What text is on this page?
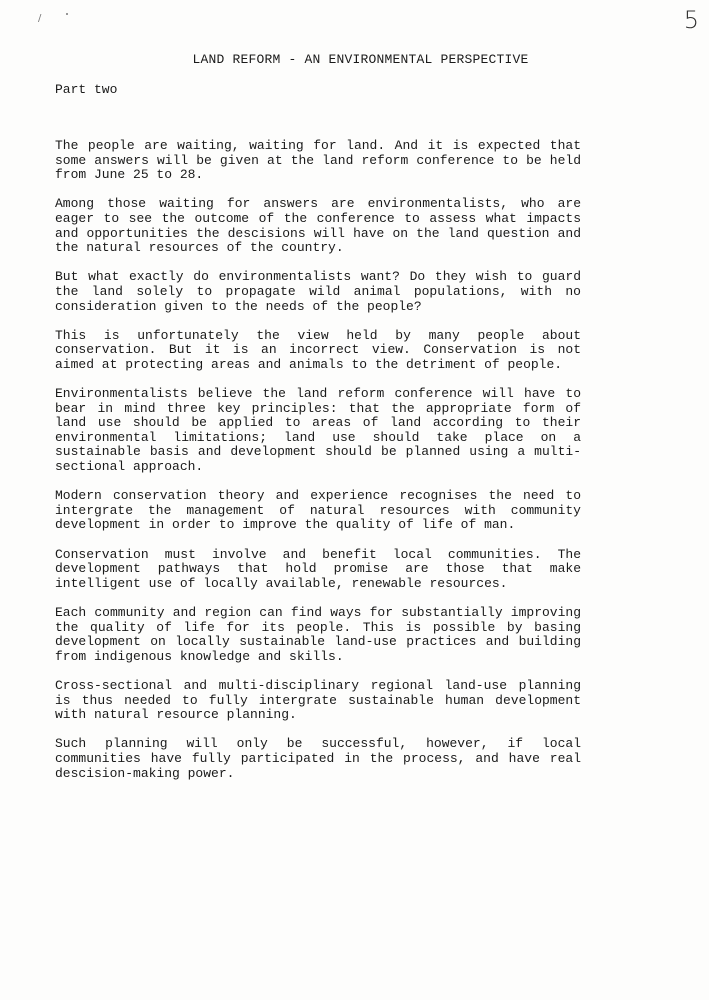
/	5
LAND REFORM - AN ENVIRONMENTAL PERSPECTIVE
Part two

The people are waiting, waiting for land. And it is expected that some answers will be given at the land reform conference to be held from June 25 to 28.

Among those waiting for answers are environmentalists, who are eager to see the outcome of the conference to assess what impacts and opportunities the descisions will have on the land question and the natural resources of the country.

But what exactly do environmentalists want? Do they wish to guard the land solely to propagate wild animal populations, with no consideration given to the needs of the people?

This is unfortunately the view held by many people about conservation. But it is an incorrect view. Conservation is not aimed at protecting areas and animals to the detriment of people.

Environmentalists believe the land reform conference will have to bear in mind three key principles: that the appropriate form of land use should be applied to areas of land according to their environmental limitations; land use should take place on a sustainable basis and development should be planned using a multi-sectional approach.

Modern conservation theory and experience recognises the need to intergrate the management of natural resources with community development in order to improve the quality of life of man.

Conservation must involve and benefit local communities. The development pathways that hold promise are those that make intelligent use of locally available, renewable resources.

Each community and region can find ways for substantially improving the quality of life for its people. This is possible by basing development on locally sustainable land-use practices and building from indigenous knowledge and skills.

Cross-sectional and multi-disciplinary regional land-use planning is thus needed to fully intergrate sustainable human development with natural resource planning.

Such planning will only be successful, however, if local communities have fully participated in the process, and have real descision-making power.
